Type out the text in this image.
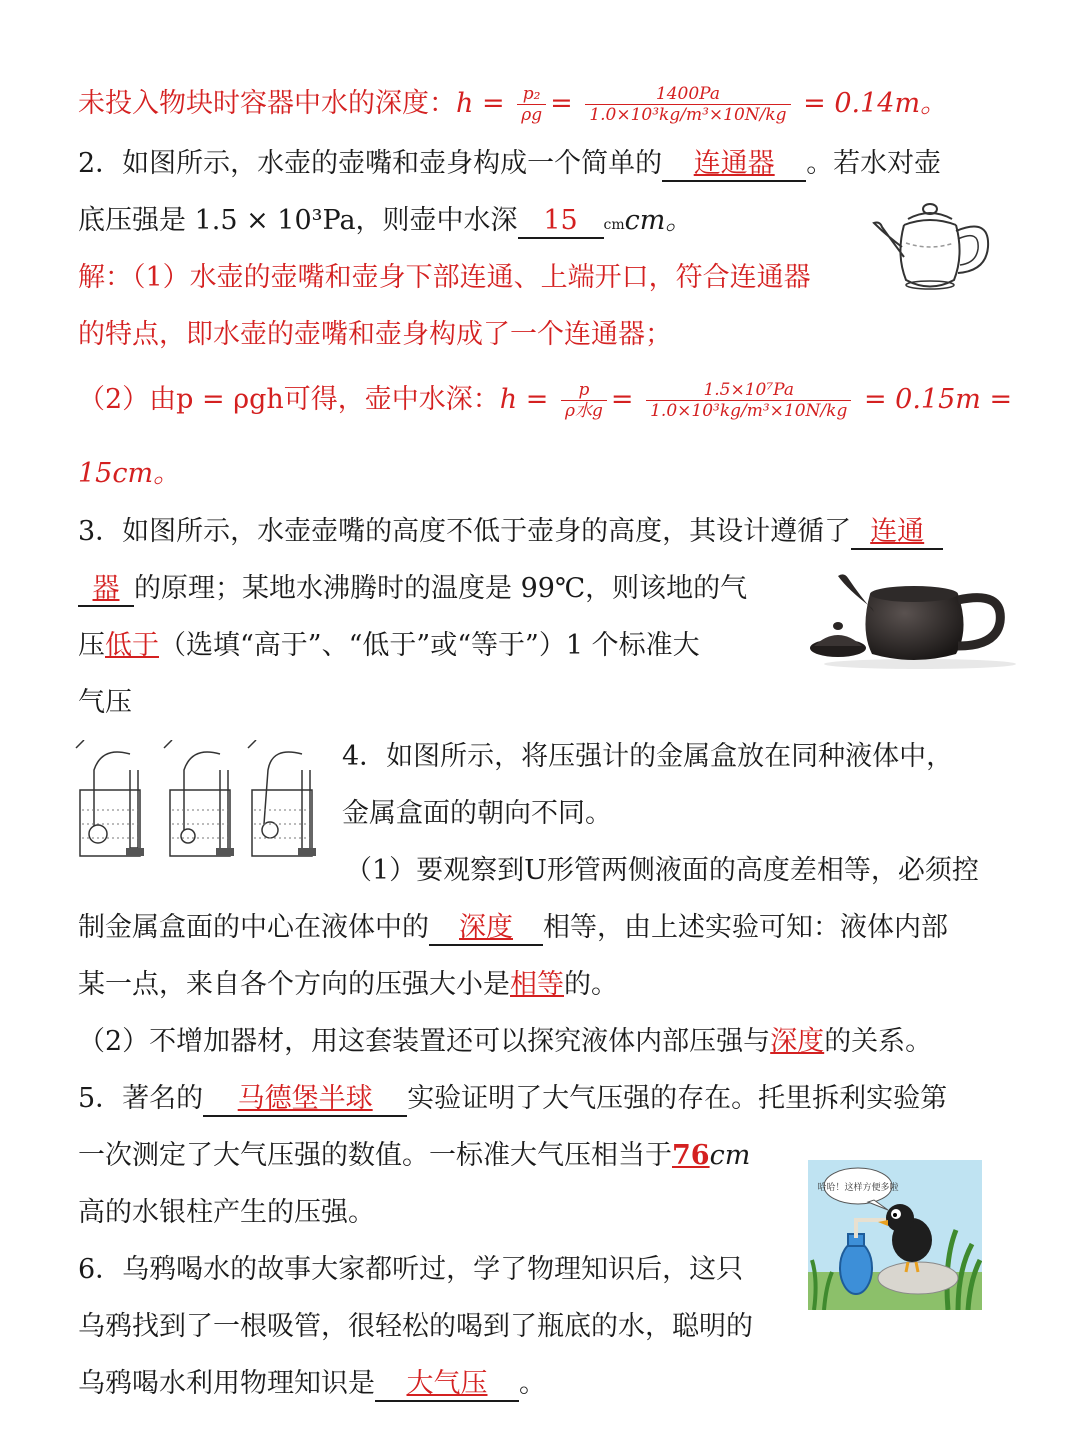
未投入物块时容器中水的深度：$h = \frac{\text{p₂}}{\rho g} = \frac{1400Pa}{\text{1.0×10³kg/m³×10N/kg}} = 0.14m$。
2．如图所示，水壶的壶嘴和壶身构成一个简单的 连通器 。若水对壶
底压强是 1.5 × 10³Pa，则壶中水深 15 cmcm。
解：（1）水壶的壶嘴和壶身下部连通、上端开口，符合连通器
的特点，即水壶的壶嘴和壶身构成了一个连通器；
（2）由p = ρgh可得，壶中水深：$h = \frac{p}{\text{ρ水g}} = \frac{\text{1.5×10⁷Pa}}{\text{1.0×10³kg/m³×10N/kg}} = 0.15m$ =
15cm。
3．如图所示，水壶壶嘴的高度不低于壶身的高度，其设计遵循了 连通
器 的原理；某地水沸腾时的温度是 99℃，则该地的气
压低于（选填“高于”、“低于”或“等于”）1 个标准大
气压
4．如图所示，将压强计的金属盒放在同种液体中，
金属盒面的朝向不同。
（1）要观察到U形管两侧液面的高度差相等，必须控
制金属盒面的中心在液体中的 深度 相等，由上述实验可知：液体内部
某一点，来自各个方向的压强大小是相等的。
（2）不增加器材，用这套装置还可以探究液体内部压强与深度的关系。
5．著名的 马德堡半球 实验证明了大气压强的存在。托里拆利实验第
一次测定了大气压强的数值。一标准大气压相当于76cm
高的水银柱产生的压强。
哈哈！这样方便多啦
6．乌鸦喝水的故事大家都听过，学了物理知识后，这只
乌鸦找到了一根吸管，很轻松的喝到了瓶底的水，聪明的
乌鸦喝水利用物理知识是 大气压 。
